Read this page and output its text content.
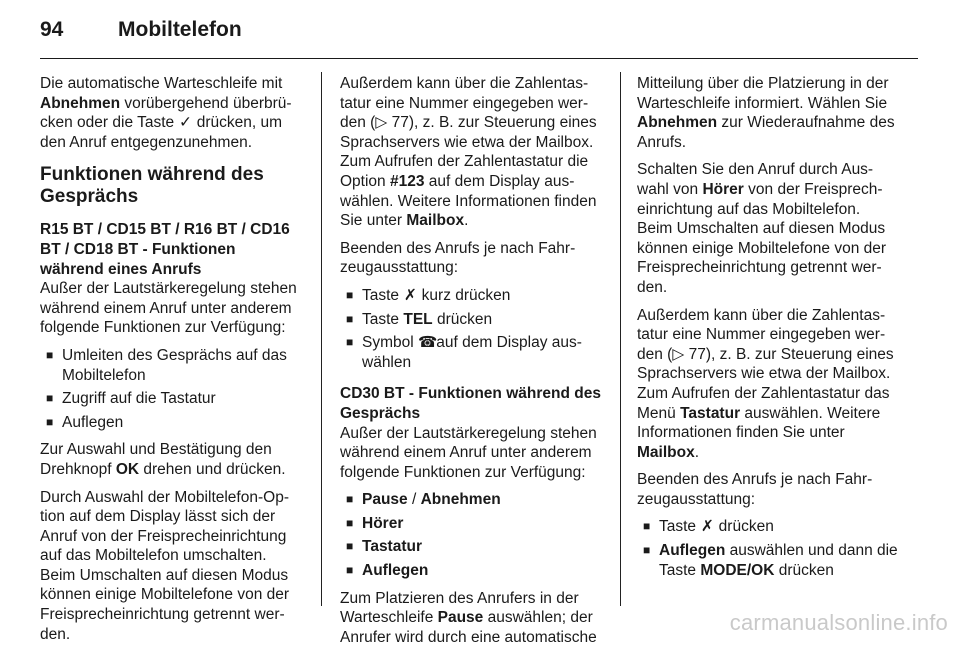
94	Mobiltelefon

Die automatische Warteschleife mit Abnehmen vorübergehend überbrü-cken oder die Taste ✓ drücken, um den Anruf entgegenzunehmen.

Funktionen während des Gesprächs
R15 BT / CD15 BT / R16 BT / CD16 BT / CD18 BT - Funktionen während eines Anrufs

Außer der Lautstärkeregelung stehen während einem Anruf unter anderem folgende Funktionen zur Verfügung:

■ Umleiten des Gesprächs auf das Mobiltelefon
■ Zugriff auf die Tastatur
■ Auflegen

Zur Auswahl und Bestätigung den Drehknopf OK drehen und drücken.

Durch Auswahl der Mobiltelefon-Op-tion auf dem Display lässt sich der Anruf von der Freisprecheinrichtung auf das Mobiltelefon umschalten. Beim Umschalten auf diesen Modus können einige Mobiltelefone von der Freisprecheinrichtung getrennt wer-den.

Außerdem kann über die Zahlentas-tatur eine Nummer eingegeben wer-den (▷ 77), z. B. zur Steuerung eines Sprachservers wie etwa der Mailbox. Zum Aufrufen der Zahlentastatur die Option #123 auf dem Display aus-wählen. Weitere Informationen finden Sie unter Mailbox.

Beenden des Anrufs je nach Fahr-zeugausstattung:

■ Taste ✗ kurz drücken
■ Taste TEL drücken
■ Symbol ☎ auf dem Display aus-wählen
CD30 BT - Funktionen während des Gesprächs

Außer der Lautstärkeregelung stehen während einem Anruf unter anderem folgende Funktionen zur Verfügung:

■ Pause / Abnehmen
■ Hörer
■ Tastatur
■ Auflegen

Zum Platzieren des Anrufers in der Warteschleife Pause auswählen; der Anrufer wird durch eine automatische

Mitteilung über die Platzierung in der Warteschleife informiert. Wählen Sie Abnehmen zur Wiederaufnahme des Anrufs.

Schalten Sie den Anruf durch Aus-wahl von Hörer von der Freisprech-einrichtung auf das Mobiltelefon. Beim Umschalten auf diesen Modus können einige Mobiltelefone von der Freisprecheinrichtung getrennt wer-den.

Außerdem kann über die Zahlentas-tatur eine Nummer eingegeben wer-den (▷ 77), z. B. zur Steuerung eines Sprachservers wie etwa der Mailbox. Zum Aufrufen der Zahlentastatur das Menü Tastatur auswählen. Weitere Informationen finden Sie unter Mailbox.

Beenden des Anrufs je nach Fahr-zeugausstattung:

■ Taste ✗ drücken
■ Auflegen auswählen und dann die Taste MODE/OK drücken
carmanualsonline.info
